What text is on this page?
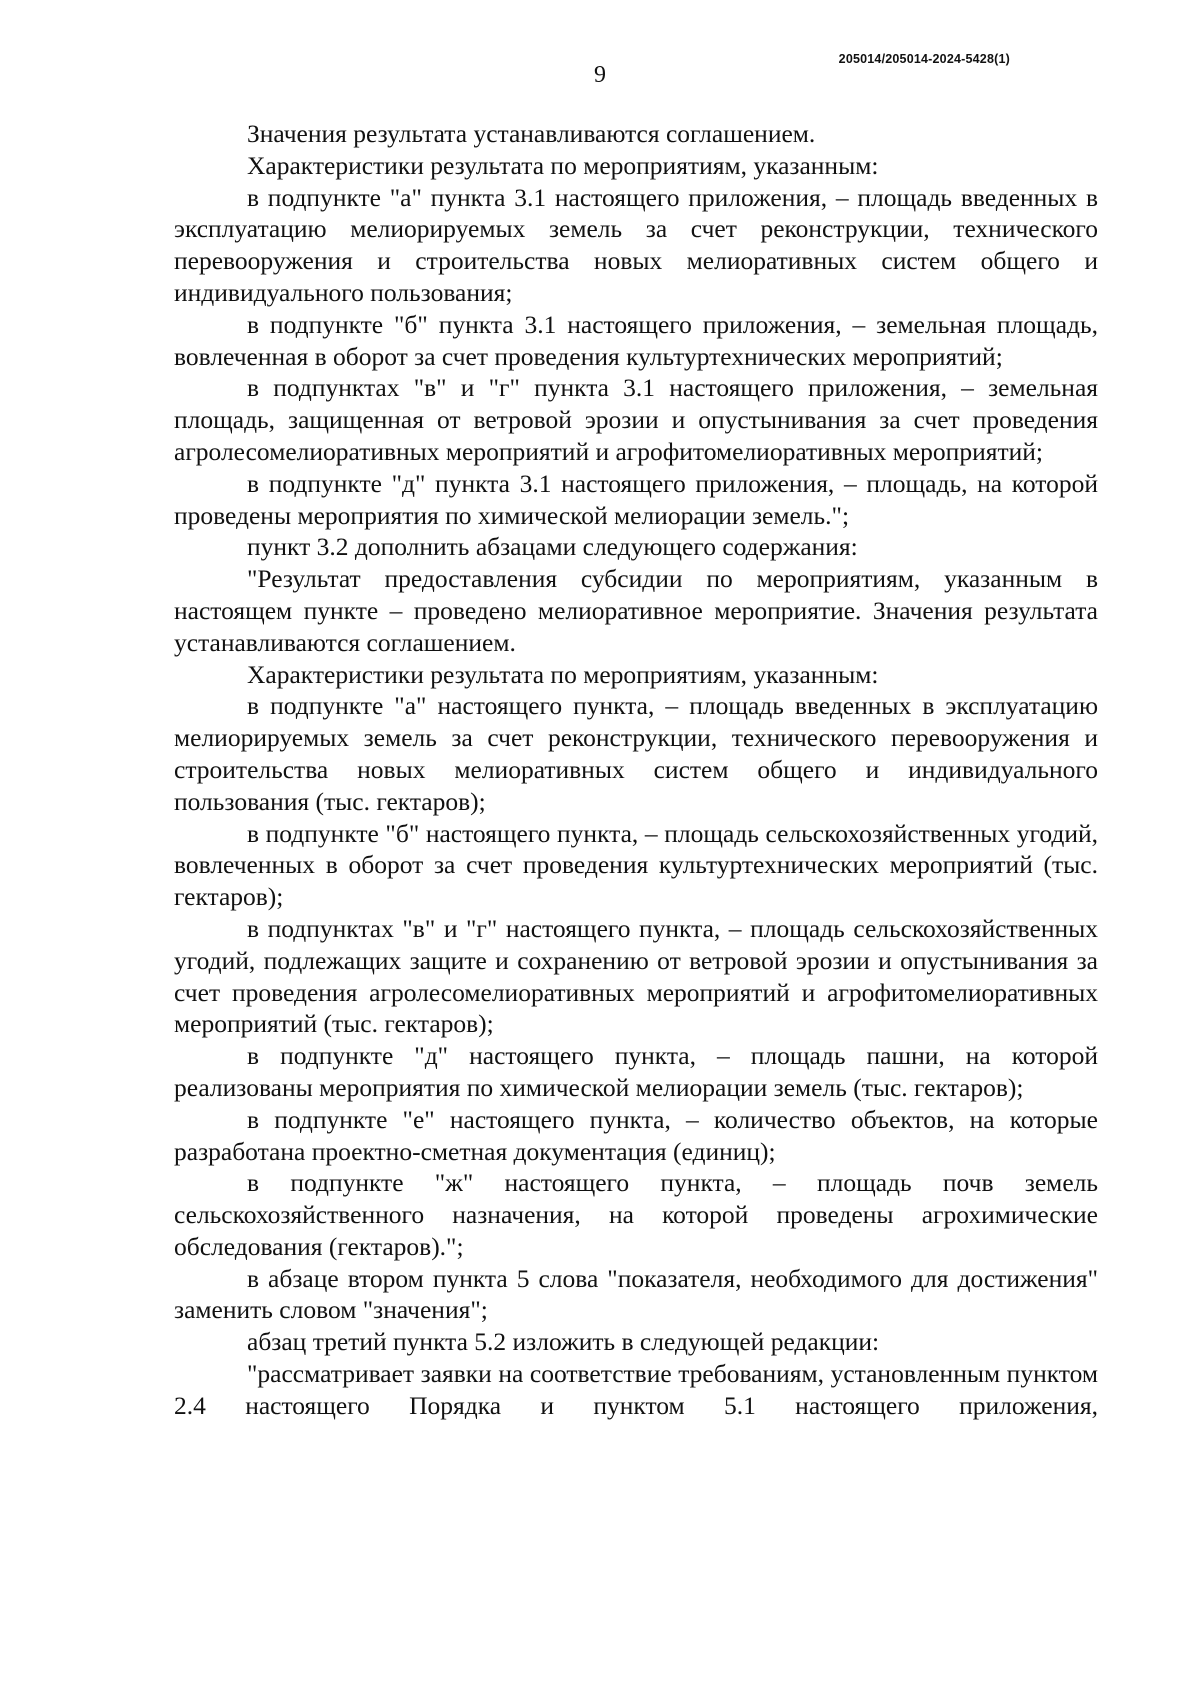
205014/205014-2024-5428(1)
9

Значения результата устанавливаются соглашением.

Характеристики результата по мероприятиям, указанным:

в подпункте "а" пункта 3.1 настоящего приложения, – площадь введенных в эксплуатацию мелиорируемых земель за счет реконструкции, технического перевооружения и строительства новых мелиоративных систем общего и индивидуального пользования;

в подпункте "б" пункта 3.1 настоящего приложения, – земельная площадь, вовлеченная в оборот за счет проведения культуртехнических мероприятий;

в подпунктах "в" и "г" пункта 3.1 настоящего приложения, – земельная площадь, защищенная от ветровой эрозии и опустынивания за счет проведения агролесомелиоративных мероприятий и агрофитомелиоративных мероприятий;

в подпункте "д" пункта 3.1 настоящего приложения, – площадь, на которой проведены мероприятия по химической мелиорации земель.";

пункт 3.2 дополнить абзацами следующего содержания:

"Результат предоставления субсидии по мероприятиям, указанным в настоящем пункте – проведено мелиоративное мероприятие. Значения результата устанавливаются соглашением.

Характеристики результата по мероприятиям, указанным:

в подпункте "а" настоящего пункта, – площадь введенных в эксплуатацию мелиорируемых земель за счет реконструкции, технического перевооружения и строительства новых мелиоративных систем общего и индивидуального пользования (тыс. гектаров);

в подпункте "б" настоящего пункта, – площадь сельскохозяйственных угодий, вовлеченных в оборот за счет проведения культуртехнических мероприятий (тыс. гектаров);

в подпунктах "в" и "г" настоящего пункта, – площадь сельскохозяйственных угодий, подлежащих защите и сохранению от ветровой эрозии и опустынивания за счет проведения агролесомелиоративных мероприятий и агрофитомелиоративных мероприятий (тыс. гектаров);

в подпункте "д" настоящего пункта, – площадь пашни, на которой реализованы мероприятия по химической мелиорации земель (тыс. гектаров);

в подпункте "е" настоящего пункта, – количество объектов, на которые разработана проектно-сметная документация (единиц);

в подпункте "ж" настоящего пункта, – площадь почв земель сельскохозяйственного назначения, на которой проведены агрохимические обследования (гектаров).";

в абзаце втором пункта 5 слова "показателя, необходимого для достижения" заменить словом "значения";

абзац третий пункта 5.2 изложить в следующей редакции:

"рассматривает заявки на соответствие требованиям, установленным пунктом 2.4 настоящего Порядка и пунктом 5.1 настоящего приложения,
